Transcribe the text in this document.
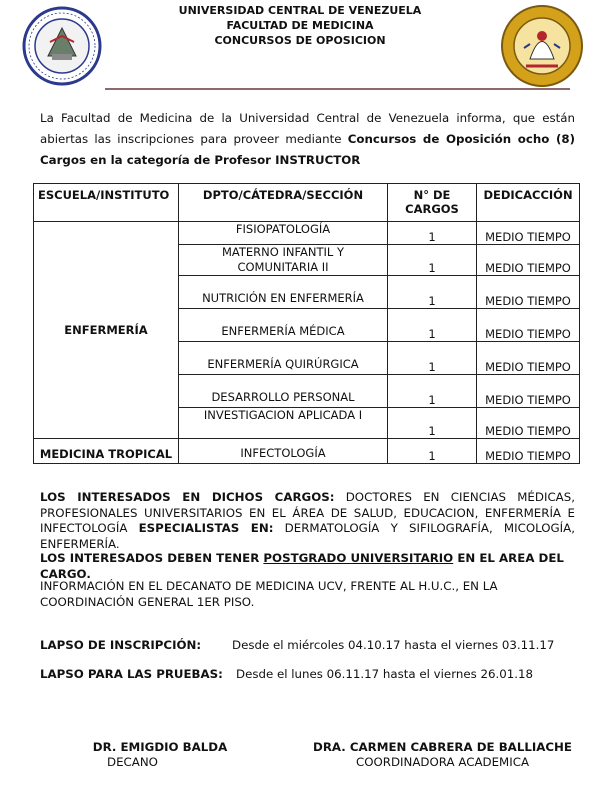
UNIVERSIDAD CENTRAL DE VENEZUELA
FACULTAD DE MEDICINA
CONCURSOS DE OPOSICION
La Facultad de Medicina de la Universidad Central de Venezuela informa, que están abiertas las inscripciones para proveer mediante Concursos de Oposición ocho (8) Cargos en la categoría de Profesor INSTRUCTOR
ESCUELA/INSTITUTO	DPTO/CÁTEDRA/SECCIÓN	N° DE CARGOS	DEDICACCIÓN
ENFERMERÍA	FISIOPATOLOGÍA	1	MEDIO TIEMPO
	MATERNO INFANTIL Y COMUNITARIA II	1	MEDIO TIEMPO
	NUTRICIÓN EN ENFERMERÍA	1	MEDIO TIEMPO
	ENFERMERÍA MÉDICA	1	MEDIO TIEMPO
	ENFERMERÍA QUIRÚRGICA	1	MEDIO TIEMPO
	DESARROLLO PERSONAL	1	MEDIO TIEMPO
	INVESTIGACION APLICADA I	1	MEDIO TIEMPO
MEDICINA TROPICAL	INFECTOLOGÍA	1	MEDIO TIEMPO
LOS INTERESADOS EN DICHOS CARGOS: DOCTORES EN CIENCIAS MÉDICAS, PROFESIONALES UNIVERSITARIOS EN EL ÁREA DE SALUD, EDUCACION, ENFERMERÍA E INFECTOLOGÍA ESPECIALISTAS EN: DERMATOLOGÍA Y SIFILOGRAFÍA, MICOLOGÍA, ENFERMERÍA.
LOS INTERESADOS DEBEN TENER POSTGRADO UNIVERSITARIO EN EL AREA DEL CARGO.
INFORMACIÓN EN EL DECANATO DE MEDICINA UCV, FRENTE AL H.U.C., EN LA COORDINACIÓN GENERAL 1ER PISO.
LAPSO DE INSCRIPCIÓN:	Desde el miércoles 04.10.17 hasta el viernes 03.11.17
LAPSO PARA LAS PRUEBAS: Desde el lunes 06.11.17 hasta el viernes 26.01.18
DR. EMIGDIO BALDA
DECANO
DRA. CARMEN CABRERA DE BALLIACHE
COORDINADORA ACADEMICA
